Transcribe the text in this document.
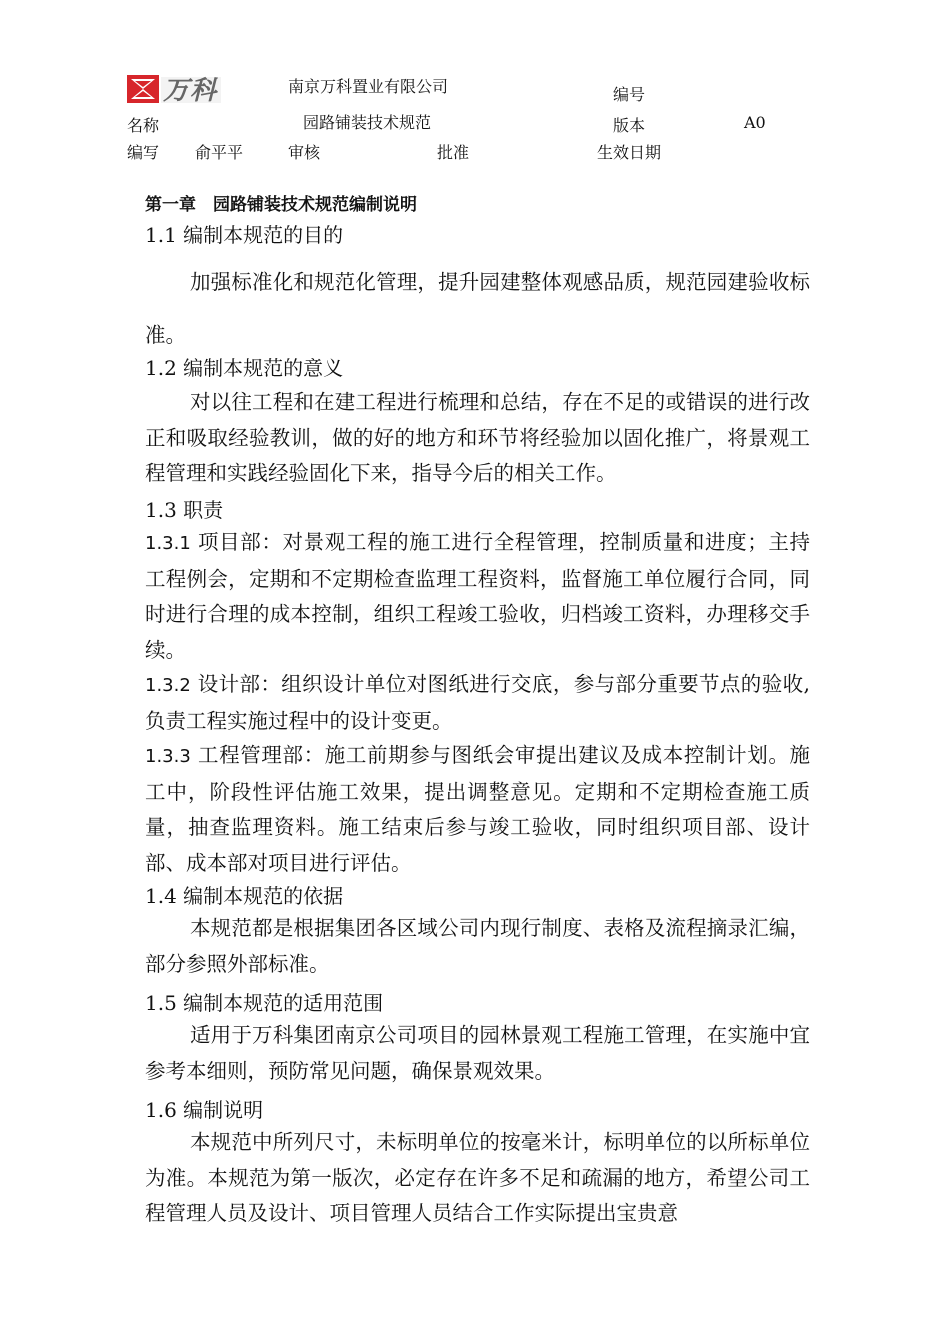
万科	南京万科置业有限公司	编号
名称	园路铺装技术规范	版本	A0
编写 俞平平	审核	批准	生效日期
第一章　园路铺装技术规范编制说明
1.1 编制本规范的目的
加强标准化和规范化管理，提升园建整体观感品质，规范园建验收标准。
1.2 编制本规范的意义
对以往工程和在建工程进行梳理和总结，存在不足的或错误的进行改正和吸取经验教训，做的好的地方和环节将经验加以固化推广，将景观工程管理和实践经验固化下来，指导今后的相关工作。
1.3 职责
1.3.1 项目部：对景观工程的施工进行全程管理，控制质量和进度；主持工程例会，定期和不定期检查监理工程资料，监督施工单位履行合同，同时进行合理的成本控制，组织工程竣工验收，归档竣工资料，办理移交手续。
1.3.2 设计部：组织设计单位对图纸进行交底，参与部分重要节点的验收,负责工程实施过程中的设计变更。
1.3.3 工程管理部：施工前期参与图纸会审提出建议及成本控制计划。施工中，阶段性评估施工效果，提出调整意见。定期和不定期检查施工质量，抽查监理资料。施工结束后参与竣工验收，同时组织项目部、设计部、成本部对项目进行评估。
1.4 编制本规范的依据
本规范都是根据集团各区域公司内现行制度、表格及流程摘录汇编，部分参照外部标准。
1.5 编制本规范的适用范围
适用于万科集团南京公司项目的园林景观工程施工管理，在实施中宜参考本细则，预防常见问题，确保景观效果。
1.6 编制说明
本规范中所列尺寸，未标明单位的按毫米计，标明单位的以所标单位为准。本规范为第一版次，必定存在许多不足和疏漏的地方，希望公司工程管理人员及设计、项目管理人员结合工作实际提出宝贵意
